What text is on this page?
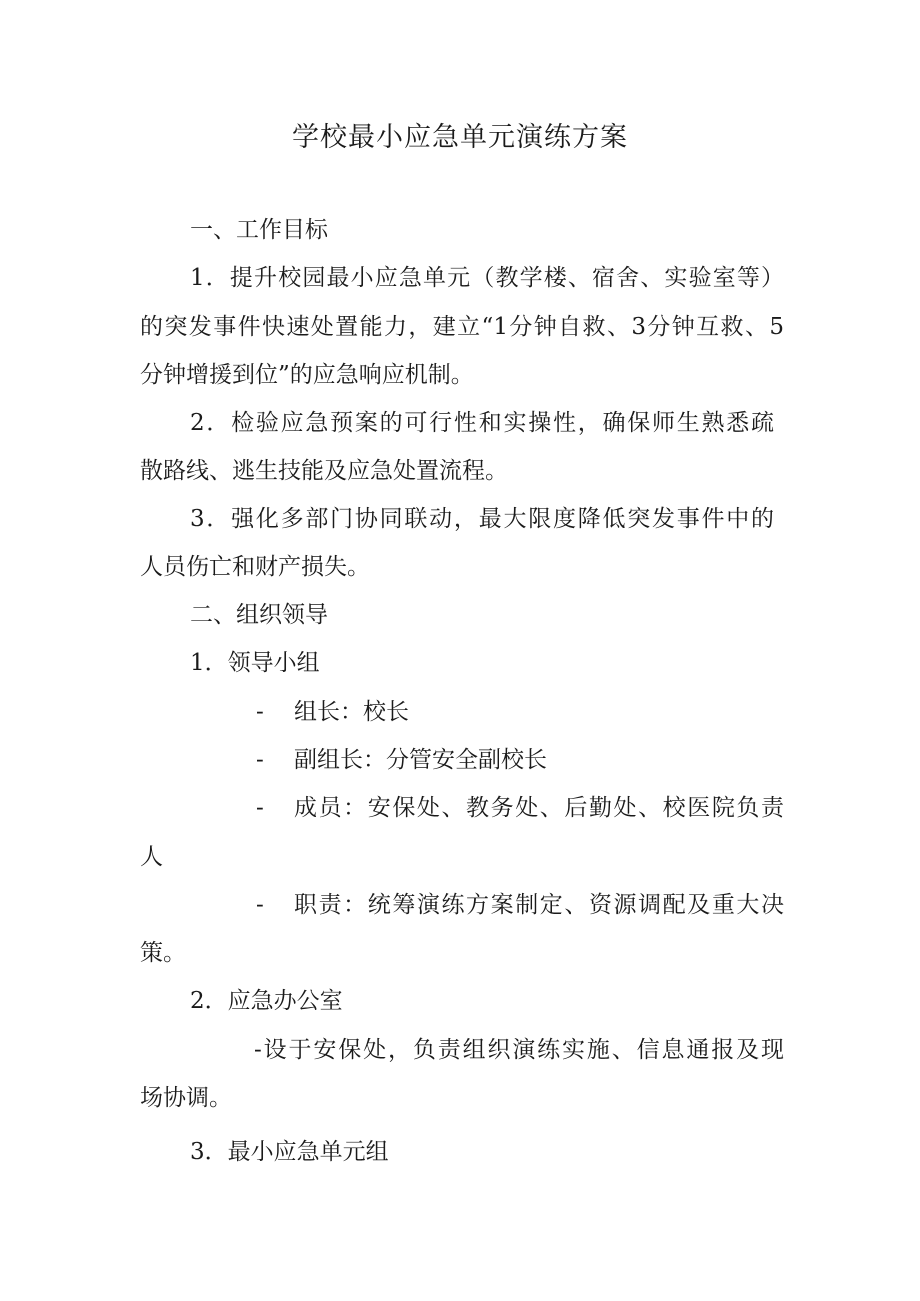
学校最小应急单元演练方案
一、工作目标
1．提升校园最小应急单元（教学楼、宿舍、实验室等）
的突发事件快速处置能力，建立“1分钟自救、3分钟互救、5
分钟增援到位”的应急响应机制。
2．检验应急预案的可行性和实操性，确保师生熟悉疏
散路线、逃生技能及应急处置流程。
3．强化多部门协同联动，最大限度降低突发事件中的
人员伤亡和财产损失。
二、组织领导
1．领导小组
- 组长：校长
- 副组长：分管安全副校长
- 成员：安保处、教务处、后勤处、校医院负责
人
- 职责：统筹演练方案制定、资源调配及重大决
策。
2．应急办公室
-设于安保处，负责组织演练实施、信息通报及现
场协调。
3．最小应急单元组
